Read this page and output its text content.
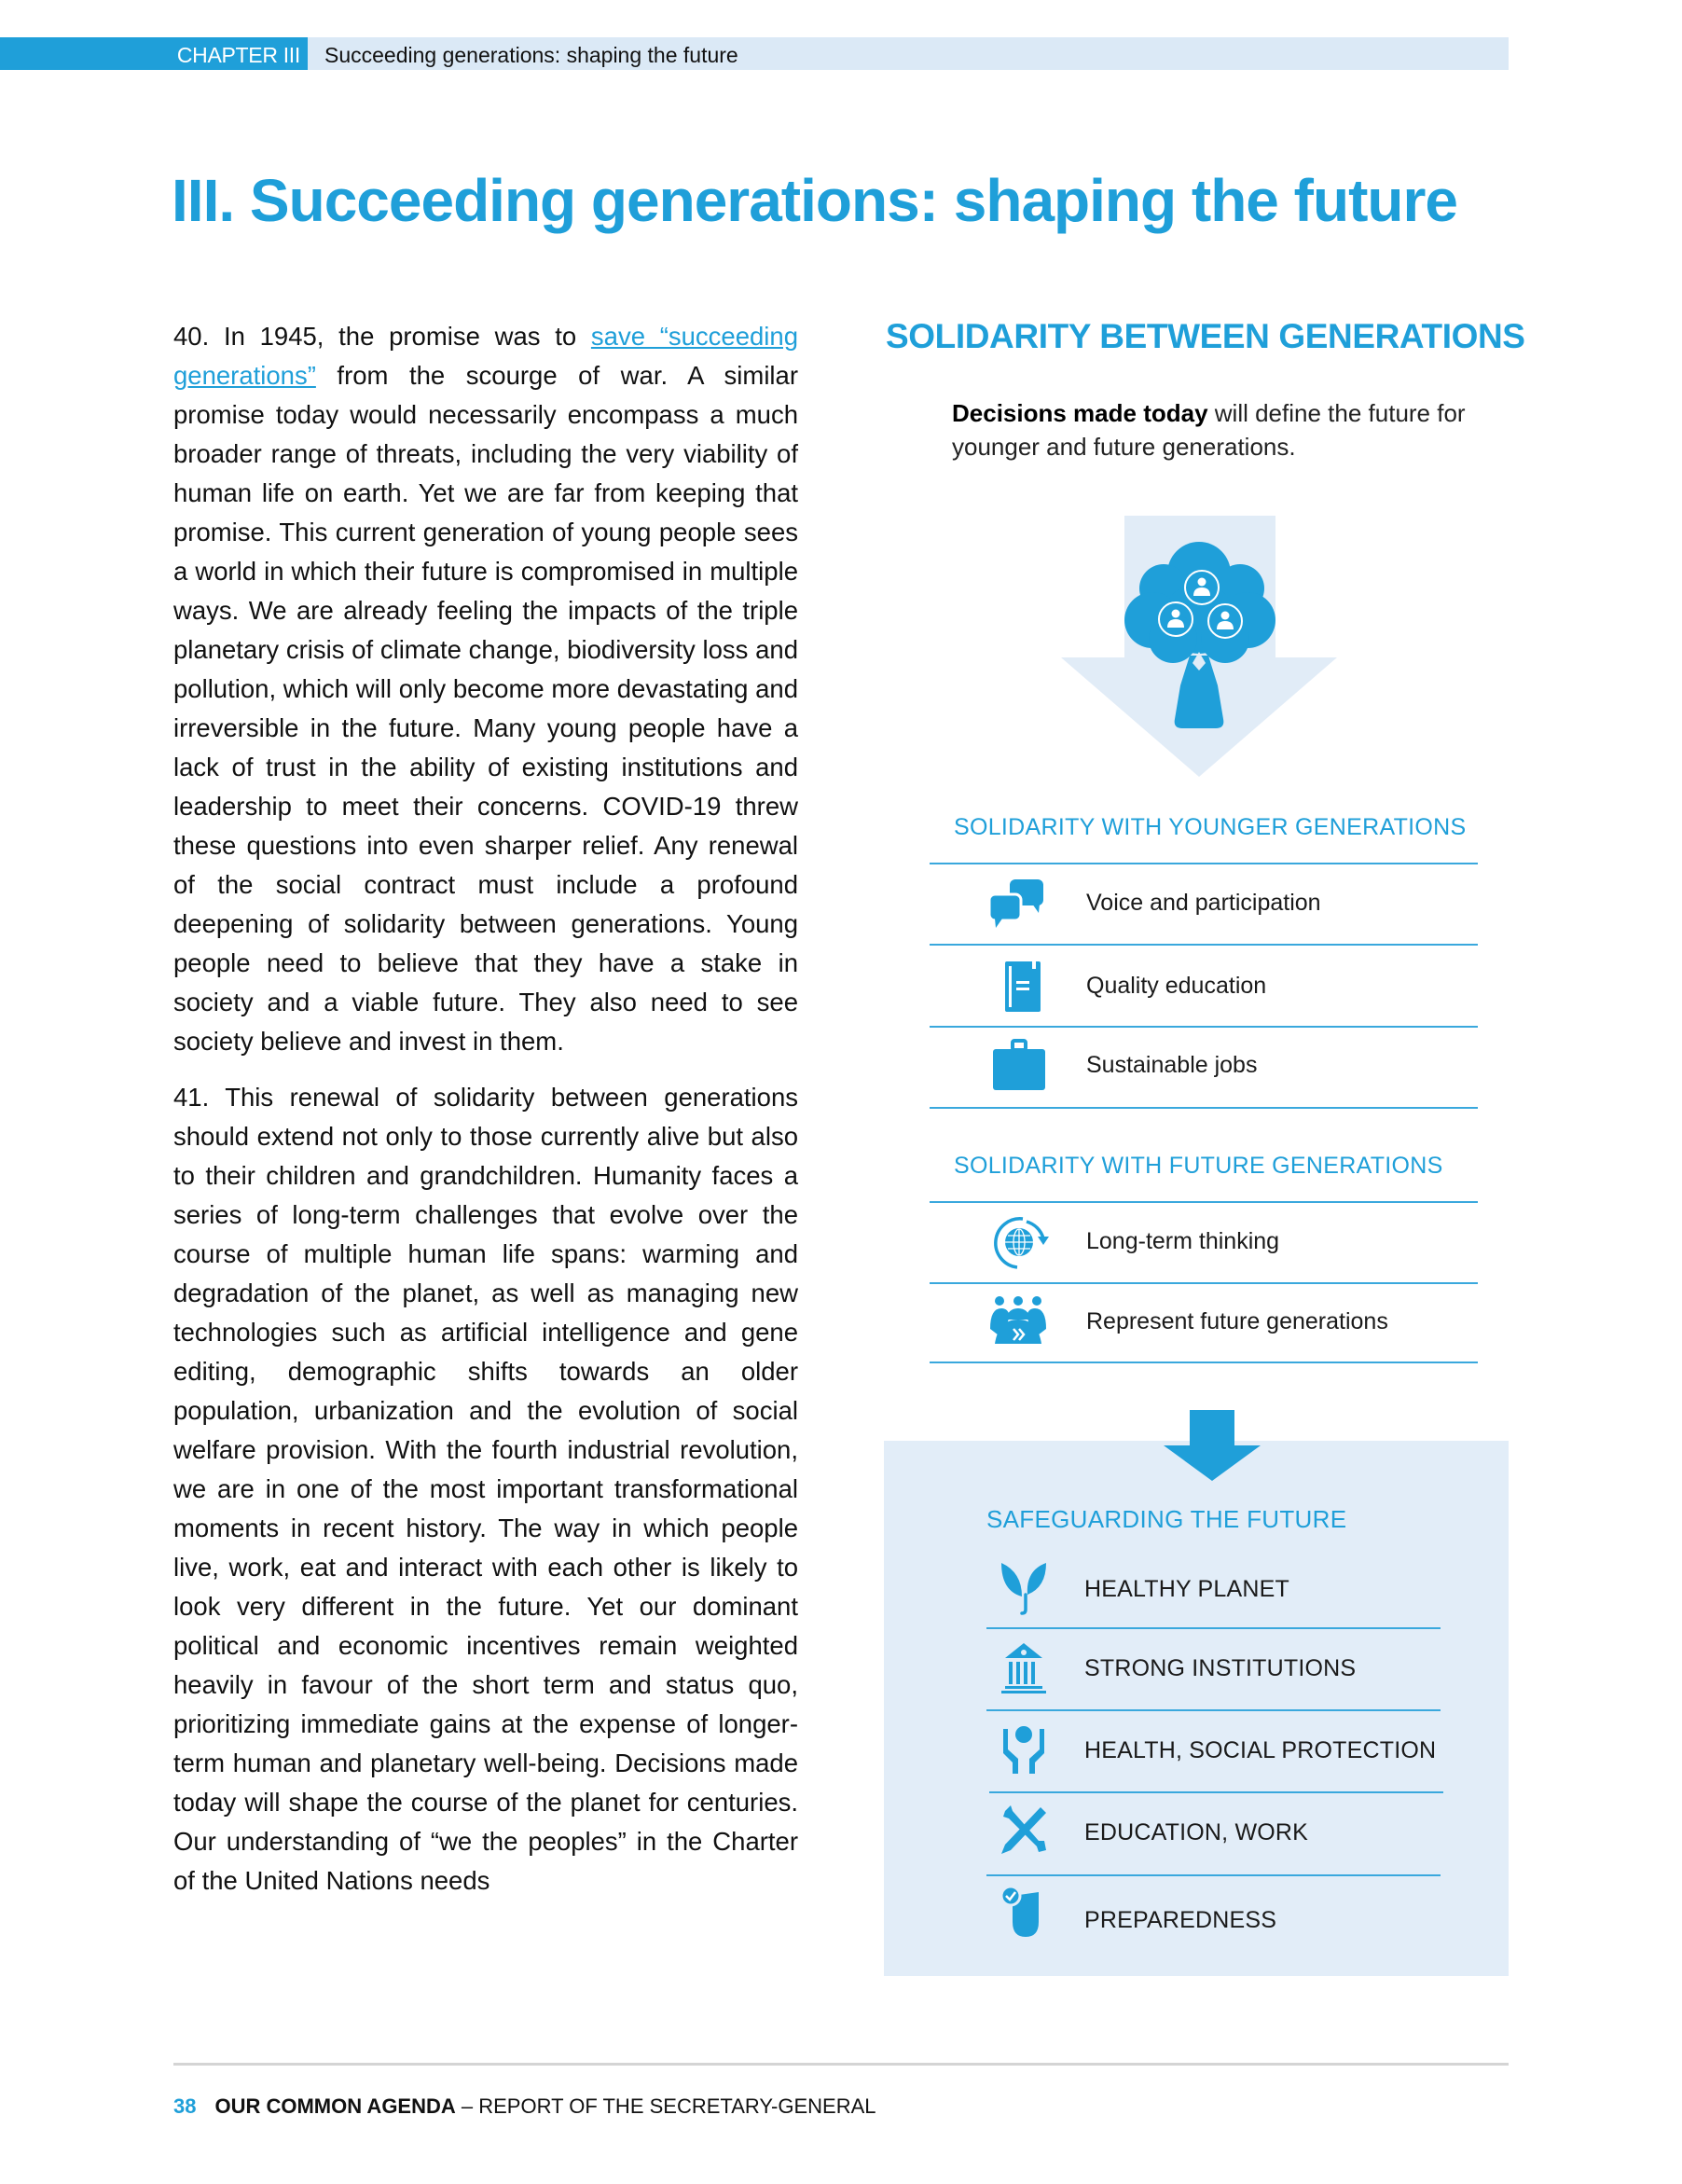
CHAPTER III Succeeding generations: shaping the future
III. Succeeding generations: shaping the future

40. In 1945, the promise was to save “succeeding generations” from the scourge of war. A similar promise today would necessarily encompass a much broader range of threats, including the very viability of human life on earth. Yet we are far from keeping that promise. This current generation of young people sees a world in which their future is compromised in multiple ways. We are already feeling the impacts of the triple planetary crisis of climate change, biodiversity loss and pollution, which will only become more devastating and irreversible in the future. Many young people have a lack of trust in the ability of existing institutions and leadership to meet their concerns. COVID-19 threw these questions into even sharper relief. Any renewal of the social contract must include a profound deepening of solidarity between generations. Young people need to believe that they have a stake in society and a viable future. They also need to see society believe and invest in them.

41. This renewal of solidarity between generations should extend not only to those currently alive but also to their children and grandchildren. Humanity faces a series of long-term challenges that evolve over the course of multiple human life spans: warming and degradation of the planet, as well as managing new technologies such as artificial intelligence and gene editing, demographic shifts towards an older population, urbanization and the evolution of social welfare provision. With the fourth industrial revolution, we are in one of the most important transformational moments in recent history. The way in which people live, work, eat and interact with each other is likely to look very different in the future. Yet our dominant political and economic incentives remain weighted heavily in favour of the short term and status quo, prioritizing immediate gains at the expense of longer-term human and planetary well-being. Decisions made today will shape the course of the planet for centuries. Our understanding of “we the peoples” in the Charter of the United Nations needs

SOLIDARITY BETWEEN GENERATIONS
Decisions made today will define the future for younger and future generations.
SOLIDARITY WITH YOUNGER GENERATIONS
Voice and participation
Quality education
Sustainable jobs
SOLIDARITY WITH FUTURE GENERATIONS
Long-term thinking
Represent future generations
SAFEGUARDING THE FUTURE
HEALTHY PLANET
STRONG INSTITUTIONS
HEALTH, SOCIAL PROTECTION
EDUCATION, WORK
PREPAREDNESS
38 OUR COMMON AGENDA – REPORT OF THE SECRETARY-GENERAL
